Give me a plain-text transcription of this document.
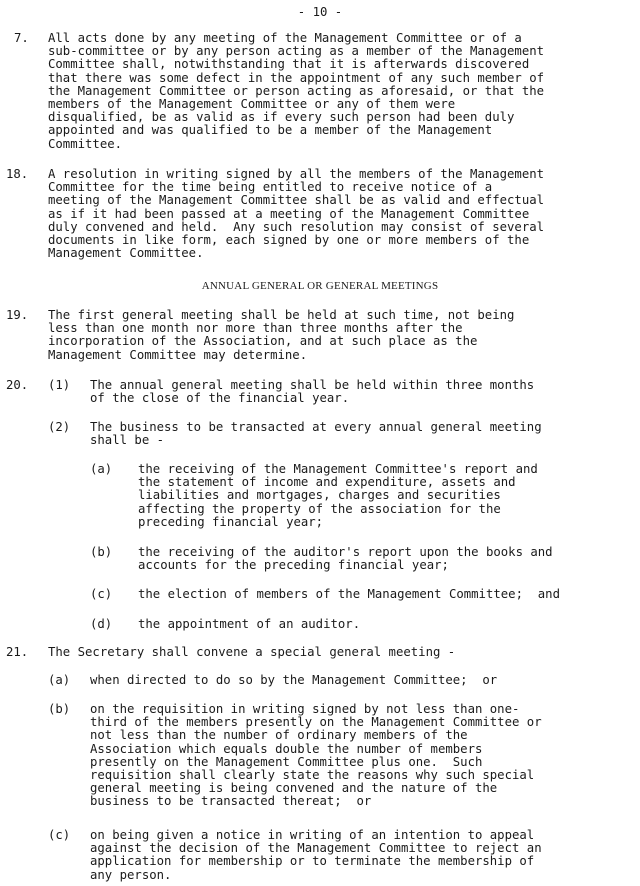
- 10 -
7. All acts done by any meeting of the Management Committee or of a
sub-committee or by any person acting as a member of the Management
Committee shall, notwithstanding that it is afterwards discovered
that there was some defect in the appointment of any such member of
the Management Committee or person acting as aforesaid, or that the
members of the Management Committee or any of them were
disqualified, be as valid as if every such person had been duly
appointed and was qualified to be a member of the Management
Committee.
18. A resolution in writing signed by all the members of the Management
Committee for the time being entitled to receive notice of a
meeting of the Management Committee shall be as valid and effectual
as if it had been passed at a meeting of the Management Committee
duly convened and held.  Any such resolution may consist of several
documents in like form, each signed by one or more members of the
Management Committee.
ANNUAL GENERAL OR GENERAL MEETINGS
19. The first general meeting shall be held at such time, not being
less than one month nor more than three months after the
incorporation of the Association, and at such place as the
Management Committee may determine.
20. (1) The annual general meeting shall be held within three months
of the close of the financial year.
(2) The business to be transacted at every annual general meeting
shall be -
(a) the receiving of the Management Committee's report and
the statement of income and expenditure, assets and
liabilities and mortgages, charges and securities
affecting the property of the association for the
preceding financial year;
(b) the receiving of the auditor's report upon the books and
accounts for the preceding financial year;
(c) the election of members of the Management Committee;  and
(d) the appointment of an auditor.
21. The Secretary shall convene a special general meeting -
(a) when directed to do so by the Management Committee;  or
(b) on the requisition in writing signed by not less than one-
third of the members presently on the Management Committee or
not less than the number of ordinary members of the
Association which equals double the number of members
presently on the Management Committee plus one.  Such
requisition shall clearly state the reasons why such special
general meeting is being convened and the nature of the
business to be transacted thereat;  or
(c) on being given a notice in writing of an intention to appeal
against the decision of the Management Committee to reject an
application for membership or to terminate the membership of
any person.
